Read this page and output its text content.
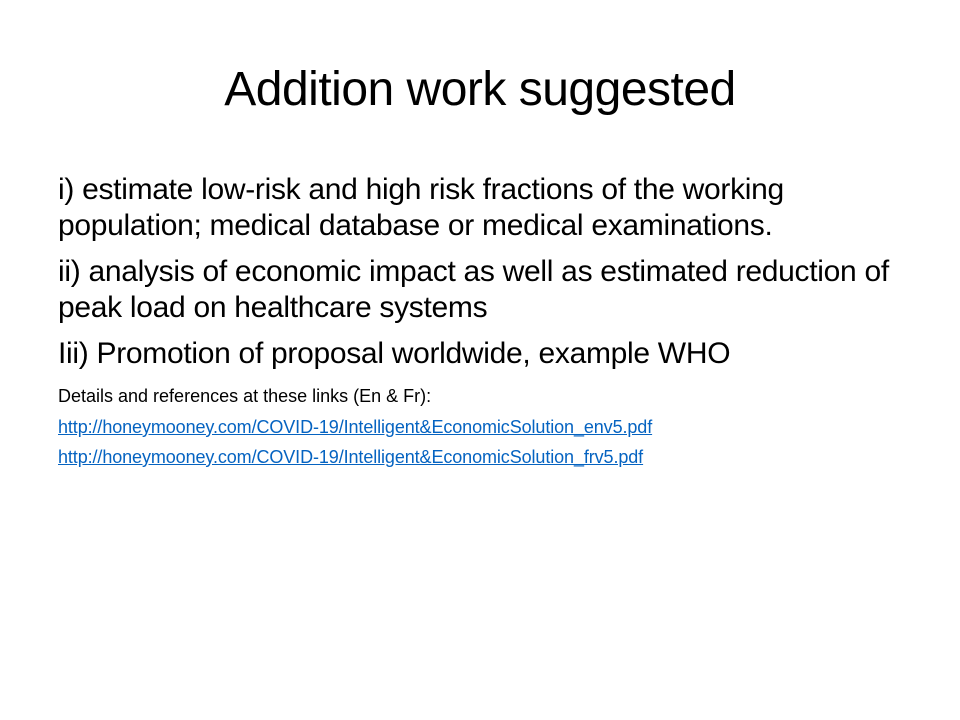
Addition work suggested

i) estimate low-risk and high risk fractions of the working population; medical database or medical examinations.

ii) analysis of economic impact as well as estimated reduction of peak load on healthcare systems

Iii) Promotion of proposal worldwide, example WHO

Details and references at these links (En & Fr):

http://honeymooney.com/COVID-19/Intelligent&EconomicSolution_env5.pdf
http://honeymooney.com/COVID-19/Intelligent&EconomicSolution_frv5.pdf
